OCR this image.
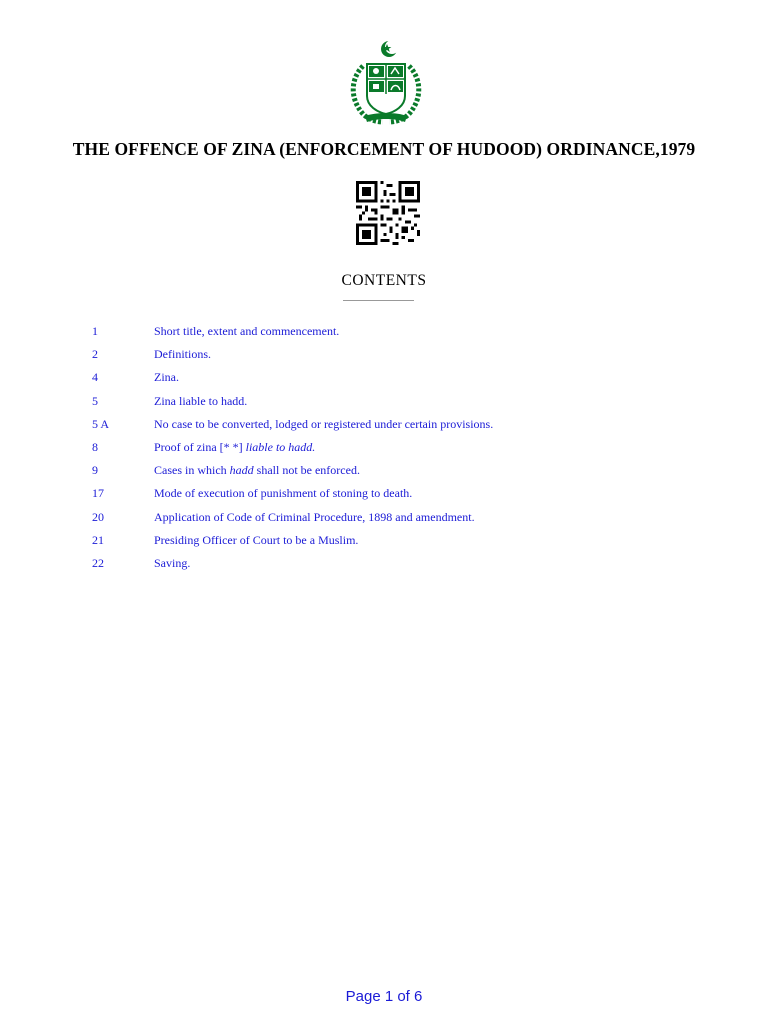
THE OFFENCE OF ZINA (ENFORCEMENT OF HUDOOD) ORDINANCE,1979
CONTENTS
1	Short title, extent and commencement.
2	Definitions.
4	Zina.
5	Zina liable to hadd.
5 A	No case to be converted, lodged or registered under certain provisions.
8	Proof of zina [* *] liable to hadd.
9	Cases in which hadd shall not be enforced.
17	Mode of execution of punishment of stoning to death.
20	Application of Code of Criminal Procedure, 1898 and amendment.
21	Presiding Officer of Court to be a Muslim.
22	Saving.
Page 1 of 6
